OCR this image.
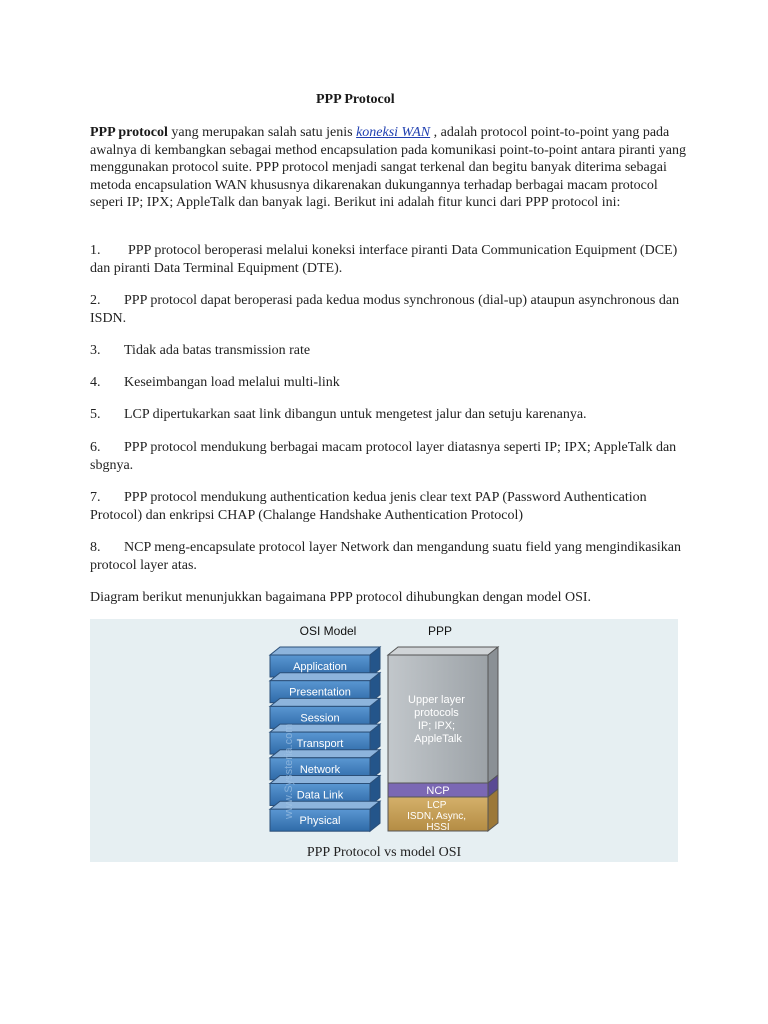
PPP Protocol

PPP protocol yang merupakan salah satu jenis koneksi WAN , adalah protocol point-to-point yang pada awalnya di kembangkan sebagai method encapsulation pada komunikasi point-to-point antara piranti yang menggunakan protocol suite. PPP protocol menjadi sangat terkenal dan begitu banyak diterima sebagai metoda encapsulation WAN khususnya dikarenakan dukungannya terhadap berbagai macam protocol seperi IP; IPX; AppleTalk dan banyak lagi. Berikut ini adalah fitur kunci dari PPP protocol ini:

1. PPP protocol beroperasi melalui koneksi interface piranti Data Communication Equipment (DCE) dan piranti Data Terminal Equipment (DTE).

2. PPP protocol dapat beroperasi pada kedua modus synchronous (dial-up) ataupun asynchronous dan ISDN.

3. Tidak ada batas transmission rate

4. Keseimbangan load melalui multi-link

5. LCP dipertukarkan saat link dibangun untuk mengetest jalur dan setuju karenanya.

6. PPP protocol mendukung berbagai macam protocol layer diatasnya seperti IP; IPX; AppleTalk dan sbgnya.

7. PPP protocol mendukung authentication kedua jenis clear text PAP (Password Authentication Protocol) dan enkripsi CHAP (Chalange Handshake Authentication Protocol)

8. NCP meng-encapsulate protocol layer Network dan mengandung suatu field yang mengindikasikan protocol layer atas.

Diagram berikut menunjukkan bagaimana PPP protocol dihubungkan dengan model OSI.

OSI Model	PPP
Application
Presentation
Session
Transport
Network
Data Link
Physical
www.Syssteria.com
Upper layer protocols IP; IPX; AppleTalk
NCP
LCP ISDN, Async, HSSI
PPP Protocol vs model OSI
